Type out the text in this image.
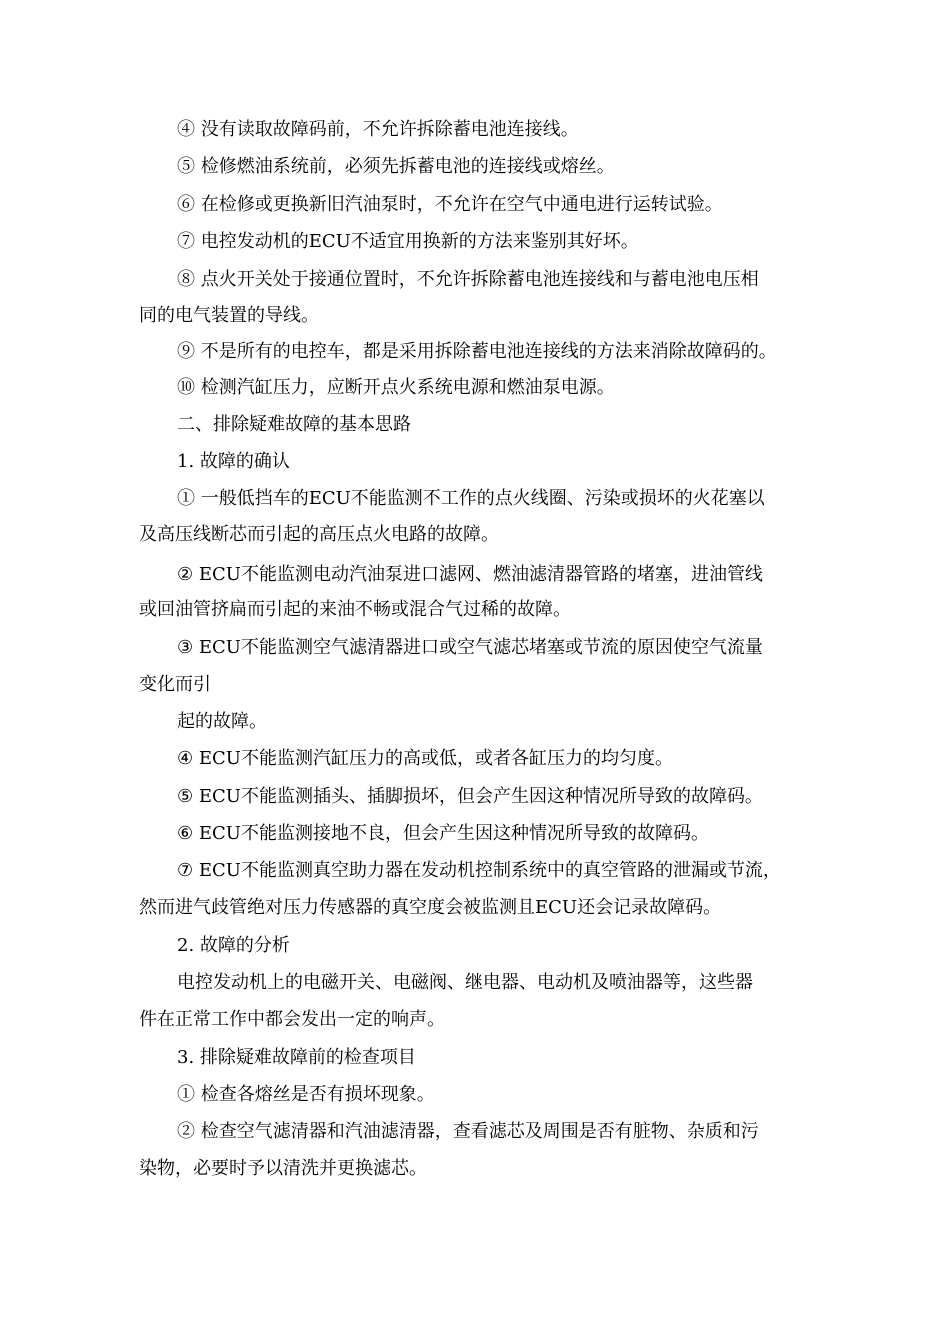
④ 没有读取故障码前，不允许拆除蓄电池连接线。
⑤ 检修燃油系统前，必须先拆蓄电池的连接线或熔丝。
⑥ 在检修或更换新旧汽油泵时，不允许在空气中通电进行运转试验。
⑦ 电控发动机的ECU不适宜用换新的方法来鉴别其好坏。
⑧ 点火开关处于接通位置时，不允许拆除蓄电池连接线和与蓄电池电压相
同的电气装置的导线。
⑨ 不是所有的电控车，都是采用拆除蓄电池连接线的方法来消除故障码的。
⑩ 检测汽缸压力，应断开点火系统电源和燃油泵电源。
二、排除疑难故障的基本思路
1. 故障的确认
① 一般低挡车的ECU不能监测不工作的点火线圈、污染或损坏的火花塞以
及高压线断芯而引起的高压点火电路的故障。
② ECU不能监测电动汽油泵进口滤网、燃油滤清器管路的堵塞，进油管线
或回油管挤扁而引起的来油不畅或混合气过稀的故障。
③ ECU不能监测空气滤清器进口或空气滤芯堵塞或节流的原因使空气流量
变化而引
起的故障。
④ ECU不能监测汽缸压力的高或低，或者各缸压力的均匀度。
⑤ ECU不能监测插头、插脚损坏，但会产生因这种情况所导致的故障码。
⑥ ECU不能监测接地不良，但会产生因这种情况所导致的故障码。
⑦ ECU不能监测真空助力器在发动机控制系统中的真空管路的泄漏或节流，
然而进气歧管绝对压力传感器的真空度会被监测且ECU还会记录故障码。
2. 故障的分析
电控发动机上的电磁开关、电磁阀、继电器、电动机及喷油器等，这些器
件在正常工作中都会发出一定的响声。
3. 排除疑难故障前的检查项目
① 检查各熔丝是否有损坏现象。
② 检查空气滤清器和汽油滤清器，查看滤芯及周围是否有脏物、杂质和污
染物，必要时予以清洗并更换滤芯。
